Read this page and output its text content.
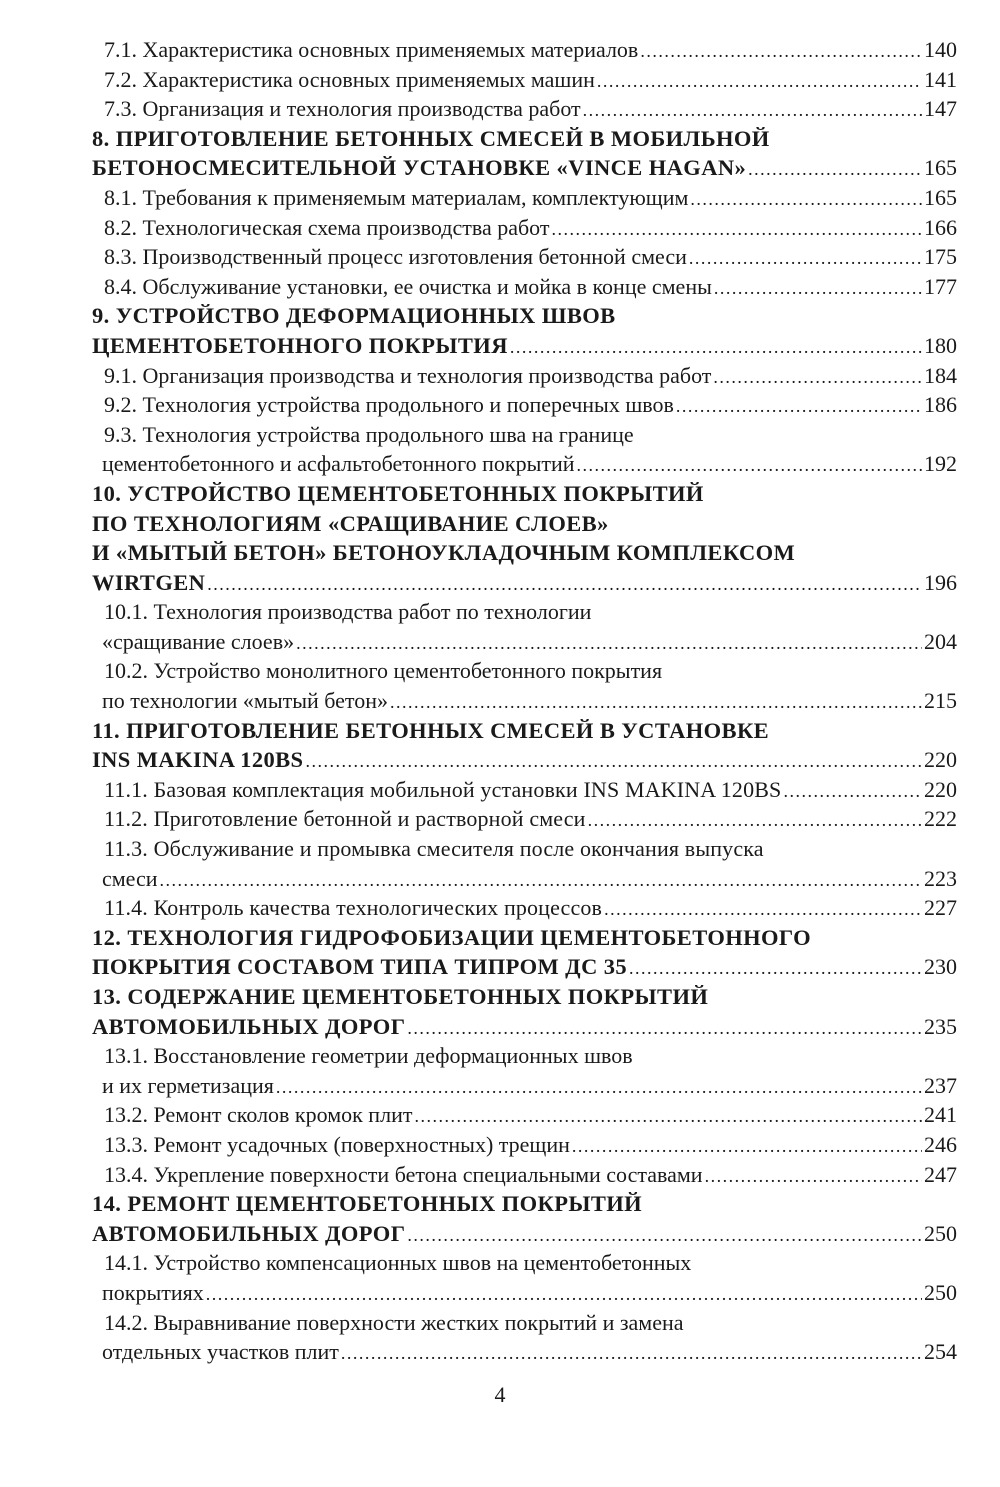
7.1. Характеристика основных применяемых материалов .....	140
7.2. Характеристика основных применяемых машин .....	141
7.3. Организация и технология производства работ .....	147
8. ПРИГОТОВЛЕНИЕ БЕТОННЫХ СМЕСЕЙ В МОБИЛЬНОЙ
БЕТОНОСМЕСИТЕЛЬНОЙ УСТАНОВКЕ «VINCE HAGAN» .....	165
8.1. Требования к применяемым материалам, комплектующим .....	165
8.2. Технологическая схема производства работ .....	166
8.3. Производственный процесс изготовления бетонной смеси .....	175
8.4. Обслуживание установки, ее очистка и мойка в конце смены .....	177
9. УСТРОЙСТВО ДЕФОРМАЦИОННЫХ ШВОВ
ЦЕМЕНТОБЕТОННОГО ПОКРЫТИЯ .....	180
9.1. Организация производства и технология производства работ .....	184
9.2. Технология устройства продольного и поперечных швов .....	186
9.3. Технология устройства продольного шва на границе
цементобетонного и асфальтобетонного покрытий .....	192
10. УСТРОЙСТВО ЦЕМЕНТОБЕТОННЫХ ПОКРЫТИЙ
ПО ТЕХНОЛОГИЯМ «СРАЩИВАНИЕ СЛОЕВ»
И «МЫТЫЙ БЕТОН» БЕТОНОУКЛАДОЧНЫМ КОМПЛЕКСОМ
WIRTGEN .....	196
10.1. Технология производства работ по технологии
«сращивание слоев» .....	204
10.2. Устройство монолитного цементобетонного покрытия
по технологии «мытый бетон» .....	215
11. ПРИГОТОВЛЕНИЕ БЕТОННЫХ СМЕСЕЙ В УСТАНОВКЕ
INS MAKINA 120BS .....	220
11.1. Базовая комплектация мобильной установки INS MAKINA 120BS .....	220
11.2. Приготовление бетонной и растворной смеси .....	222
11.3. Обслуживание и промывка смесителя после окончания выпуска
смеси .....	223
11.4. Контроль качества технологических процессов .....	227
12. ТЕХНОЛОГИЯ ГИДРОФОБИЗАЦИИ ЦЕМЕНТОБЕТОННОГО
ПОКРЫТИЯ СОСТАВОМ ТИПА ТИПРОМ ДС 35 .....	230
13. СОДЕРЖАНИЕ ЦЕМЕНТОБЕТОННЫХ ПОКРЫТИЙ
АВТОМОБИЛЬНЫХ ДОРОГ .....	235
13.1. Восстановление геометрии деформационных швов
и их герметизация .....	237
13.2. Ремонт сколов кромок плит .....	241
13.3. Ремонт усадочных (поверхностных) трещин .....	246
13.4. Укрепление поверхности бетона специальными составами .....	247
14. РЕМОНТ ЦЕМЕНТОБЕТОННЫХ ПОКРЫТИЙ
АВТОМОБИЛЬНЫХ ДОРОГ .....	250
14.1. Устройство компенсационных швов на цементобетонных
покрытиях .....	250
14.2. Выравнивание поверхности жестких покрытий и замена
отдельных участков плит .....	254
4
